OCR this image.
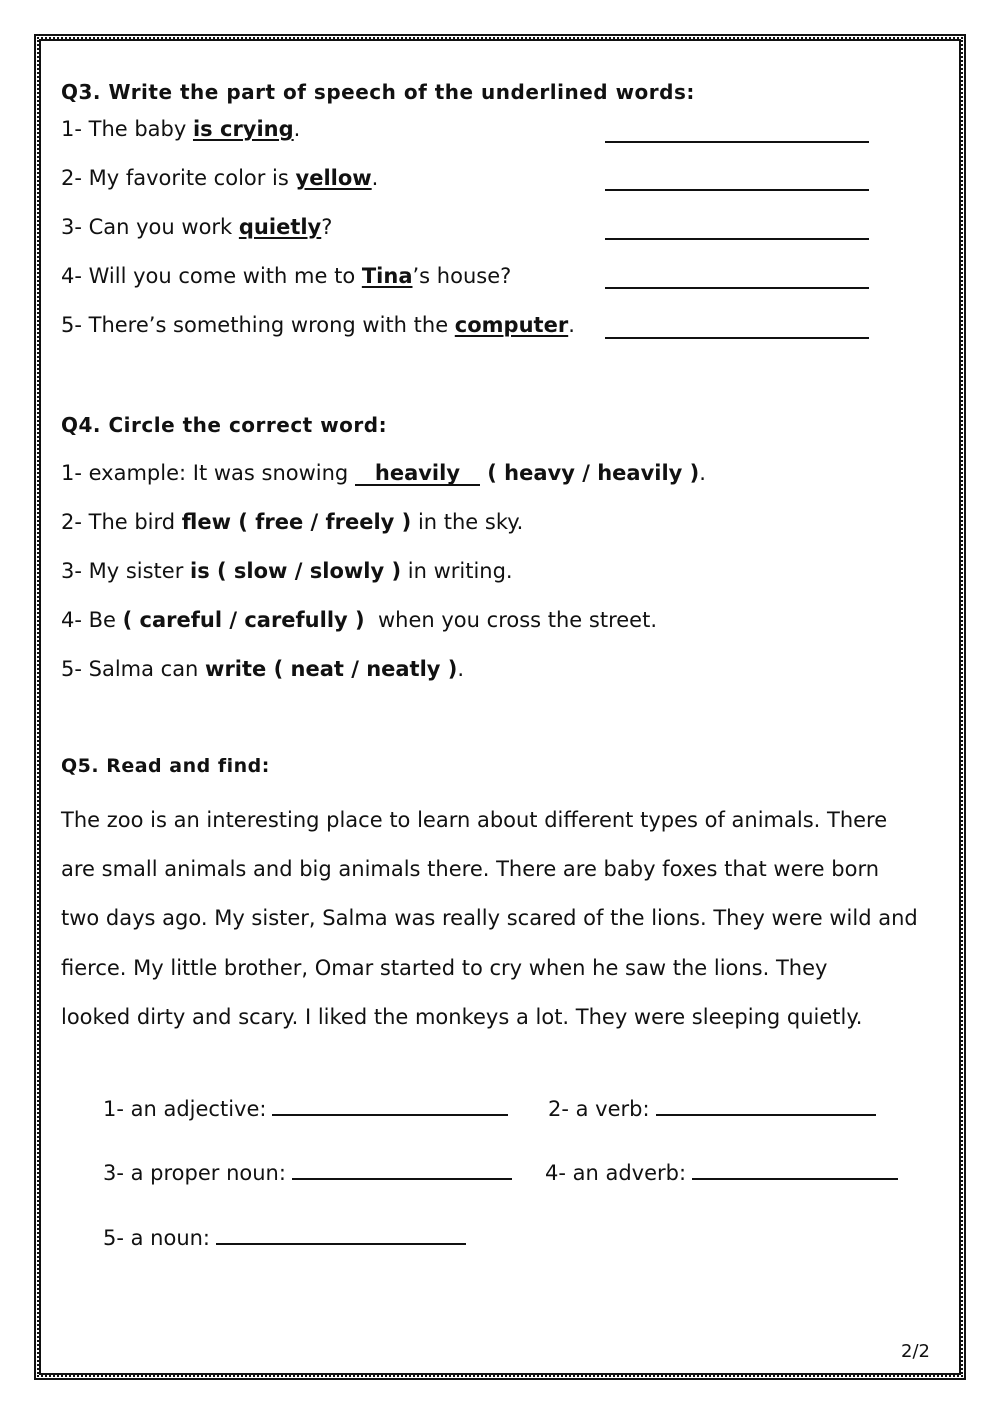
Q3. Write the part of speech of the underlined words:
1- The baby is crying.
2- My favorite color is yellow.
3- Can you work quietly?
4- Will you come with me to Tina’s house?
5- There’s something wrong with the computer.
Q4. Circle the correct word:
1- example: It was snowing heavily ( heavy / heavily ).
2- The bird flew ( free / freely ) in the sky.
3- My sister is ( slow / slowly ) in writing.
4- Be ( careful / carefully )  when you cross the street.
5- Salma can write ( neat / neatly ).
Q5. Read and find:
The zoo is an interesting place to learn about different types of animals. There
are small animals and big animals there. There are baby foxes that were born
two days ago. My sister, Salma was really scared of the lions. They were wild and
fierce. My little brother, Omar started to cry when he saw the lions. They
looked dirty and scary. I liked the monkeys a lot. They were sleeping quietly.
1- an adjective:	2- a verb:
3- a proper noun:	4- an adverb:
5- a noun:
2/2
